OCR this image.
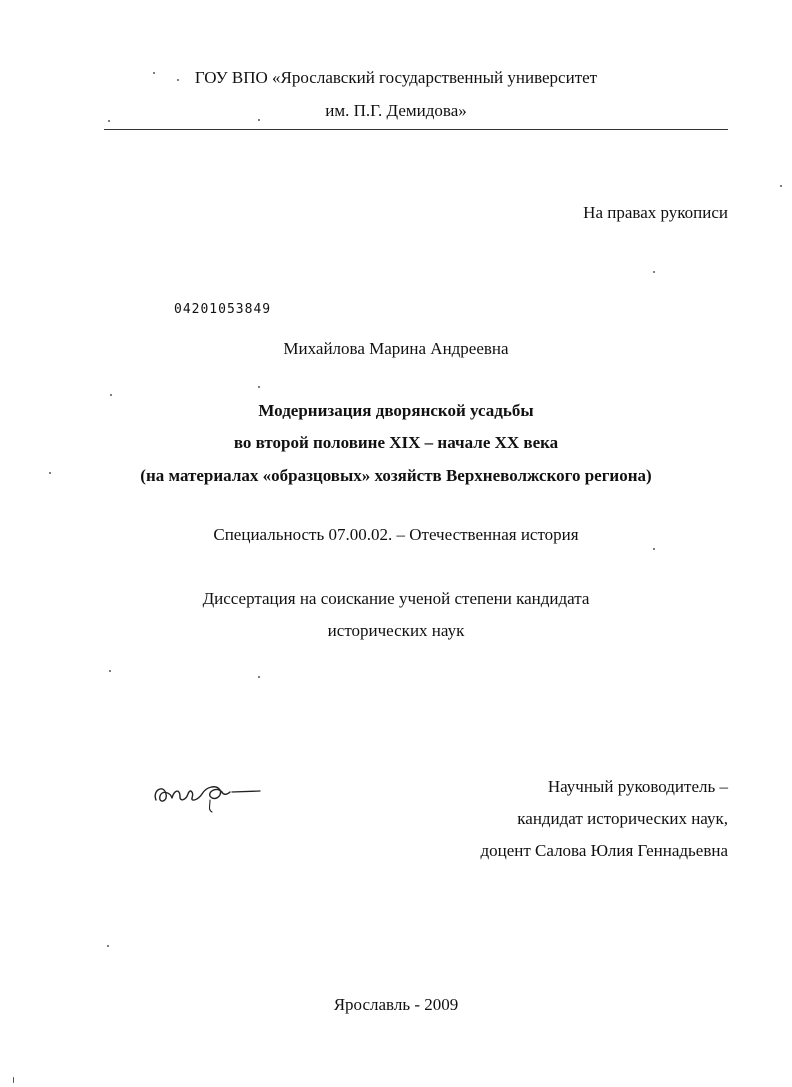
ГОУ ВПО «Ярославский государственный университет
им. П.Г. Демидова»
На правах рукописи
04201053849
Михайлова Марина Андреевна
Модернизация дворянской усадьбы
во второй половине XIX – начале XX века
(на материалах «образцовых» хозяйств Верхневолжского региона)
Специальность 07.00.02. – Отечественная история
Диссертация на соискание ученой степени кандидата
исторических наук
Научный руководитель –
кандидат исторических наук,
доцент Салова Юлия Геннадьевна
Ярославль - 2009
